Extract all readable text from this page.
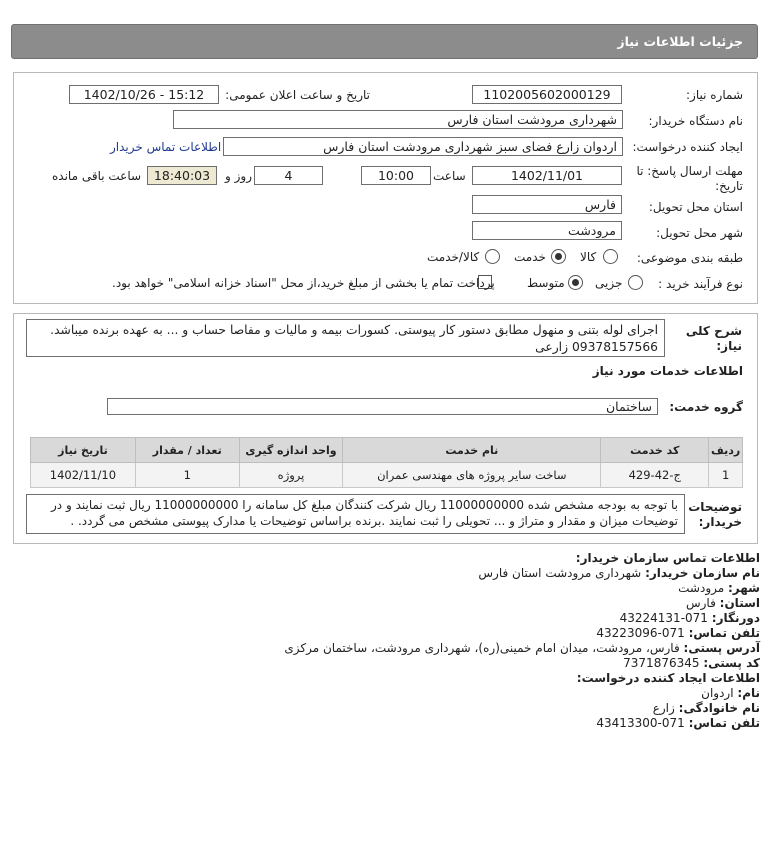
جزئیات اطلاعات نیاز
شماره نیاز:
1102005602000129
تاریخ و ساعت اعلان عمومی:
1402/10/26 - 15:12
نام دستگاه خریدار:
شهرداری مرودشت استان فارس
ایجاد کننده درخواست:
اردوان زارع فضای سبز شهرداری مرودشت استان فارس
اطلاعات تماس خریدار
مهلت ارسال پاسخ: تا
تاریخ:
1402/11/01
ساعت
10:00
4
روز و
18:40:03
ساعت باقی مانده
استان محل تحویل:
فارس
شهر محل تحویل:
مرودشت
طبقه بندی موضوعی:
کالا
خدمت
کالا/خدمت
نوع فرآیند خرید :
جزیی
متوسط
پرداخت تمام یا بخشی از مبلغ خرید،از محل "اسناد خزانه اسلامی" خواهد بود.
شرح کلی
نیاز:
اجرای لوله بتنی و منهول مطابق دستور کار پیوستی. کسورات بیمه و مالیات و مفاصا حساب و ... به عهده برنده میباشد. 09378157566 زارعی
اطلاعات خدمات مورد نیاز
گروه خدمت:
ساختمان
ردیف	کد خدمت	نام خدمت	واحد اندازه گیری	تعداد / مقدار	تاریخ نیاز
1	ج-42-429	ساخت سایر پروژه های مهندسی عمران	پروژه	1	1402/11/10
توضیحات
خریدار:
با توجه به بودجه مشخص شده 11000000000 ریال شرکت کنندگان مبلغ کل سامانه را 11000000000 ریال ثبت نمایند و در توضیحات میزان و مقدار و متراژ و ... تحویلی را ثبت نمایند .برنده براساس توضیحات یا مدارک پیوستی مشخص می گردد. .
اطلاعات تماس سازمان خریدار:
نام سازمان خریدار: شهرداری مرودشت استان فارس
شهر: مرودشت
استان: فارس
دورنگار: 071-43224131
تلفن تماس: 071-43223096
آدرس پستی: فارس، مرودشت، میدان امام خمینی(ره)، شهرداری مرودشت، ساختمان مرکزی
کد پستی: 7371876345
اطلاعات ایجاد کننده درخواست:
نام: اردوان
نام خانوادگی: زارع
تلفن تماس: 071-43413300
